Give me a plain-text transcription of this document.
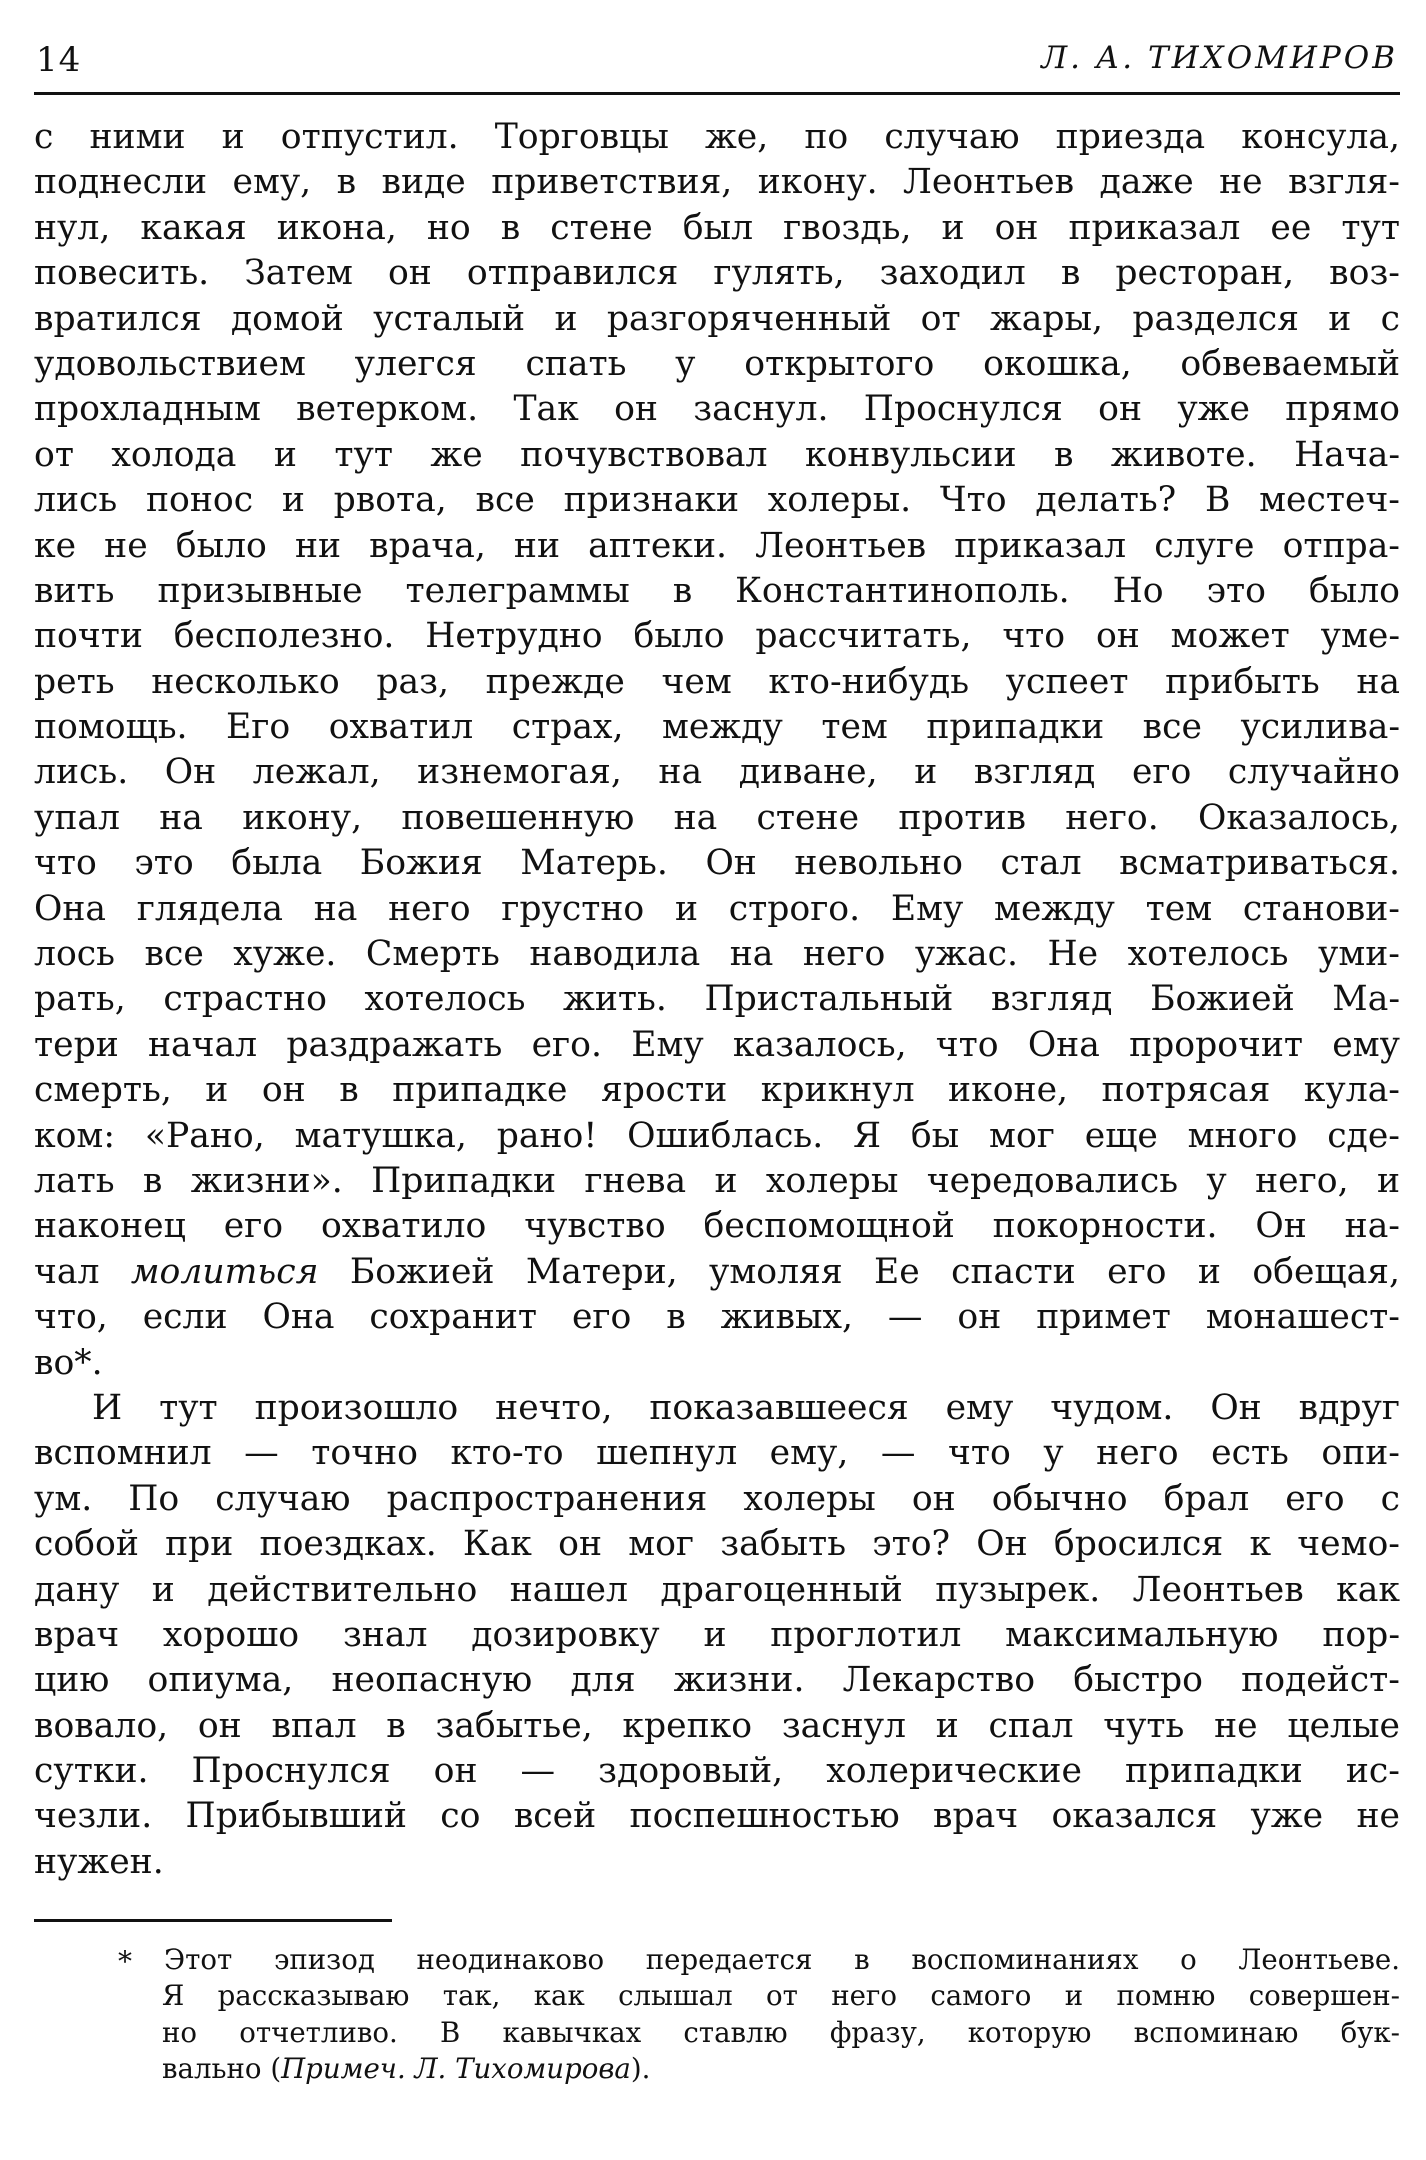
14	Л. А. ТИХОМИРОВ
с ними и отпустил. Торговцы же, по случаю приезда консула,
поднесли ему, в виде приветствия, икону. Леонтьев даже не взгля-
нул, какая икона, но в стене был гвоздь, и он приказал ее тут
повесить. Затем он отправился гулять, заходил в ресторан, воз-
вратился домой усталый и разгоряченный от жары, разделся и с
удовольствием улегся спать у открытого окошка, обвеваемый
прохладным ветерком. Так он заснул. Проснулся он уже прямо
от холода и тут же почувствовал конвульсии в животе. Нача-
лись понос и рвота, все признаки холеры. Что делать? В местеч-
ке не было ни врача, ни аптеки. Леонтьев приказал слуге отпра-
вить призывные телеграммы в Константинополь. Но это было
почти бесполезно. Нетрудно было рассчитать, что он может уме-
реть несколько раз, прежде чем кто-нибудь успеет прибыть на
помощь. Его охватил страх, между тем припадки все усилива-
лись. Он лежал, изнемогая, на диване, и взгляд его случайно
упал на икону, повешенную на стене против него. Оказалось,
что это была Божия Матерь. Он невольно стал всматриваться.
Она глядела на него грустно и строго. Ему между тем станови-
лось все хуже. Смерть наводила на него ужас. Не хотелось уми-
рать, страстно хотелось жить. Пристальный взгляд Божией Ма-
тери начал раздражать его. Ему казалось, что Она пророчит ему
смерть, и он в припадке ярости крикнул иконе, потрясая кула-
ком: «Рано, матушка, рано! Ошиблась. Я бы мог еще много сде-
лать в жизни». Припадки гнева и холеры чередовались у него, и
наконец его охватило чувство беспомощной покорности. Он на-
чал молиться Божией Матери, умоляя Ее спасти его и обещая,
что, если Она сохранит его в живых, — он примет монашест-
во*.
И тут произошло нечто, показавшееся ему чудом. Он вдруг
вспомнил — точно кто-то шепнул ему, — что у него есть опи-
ум. По случаю распространения холеры он обычно брал его с
собой при поездках. Как он мог забыть это? Он бросился к чемо-
дану и действительно нашел драгоценный пузырек. Леонтьев как
врач хорошо знал дозировку и проглотил максимальную пор-
цию опиума, неопасную для жизни. Лекарство быстро подейст-
вовало, он впал в забытье, крепко заснул и спал чуть не целые
сутки. Проснулся он — здоровый, холерические припадки ис-
чезли. Прибывший со всей поспешностью врач оказался уже не
нужен.
*	Этот эпизод неодинаково передается в воспоминаниях о Леонтьеве.
Я рассказываю так, как слышал от него самого и помню совершен-
но отчетливо. В кавычках ставлю фразу, которую вспоминаю бук-
вально (Примеч. Л. Тихомирова).
